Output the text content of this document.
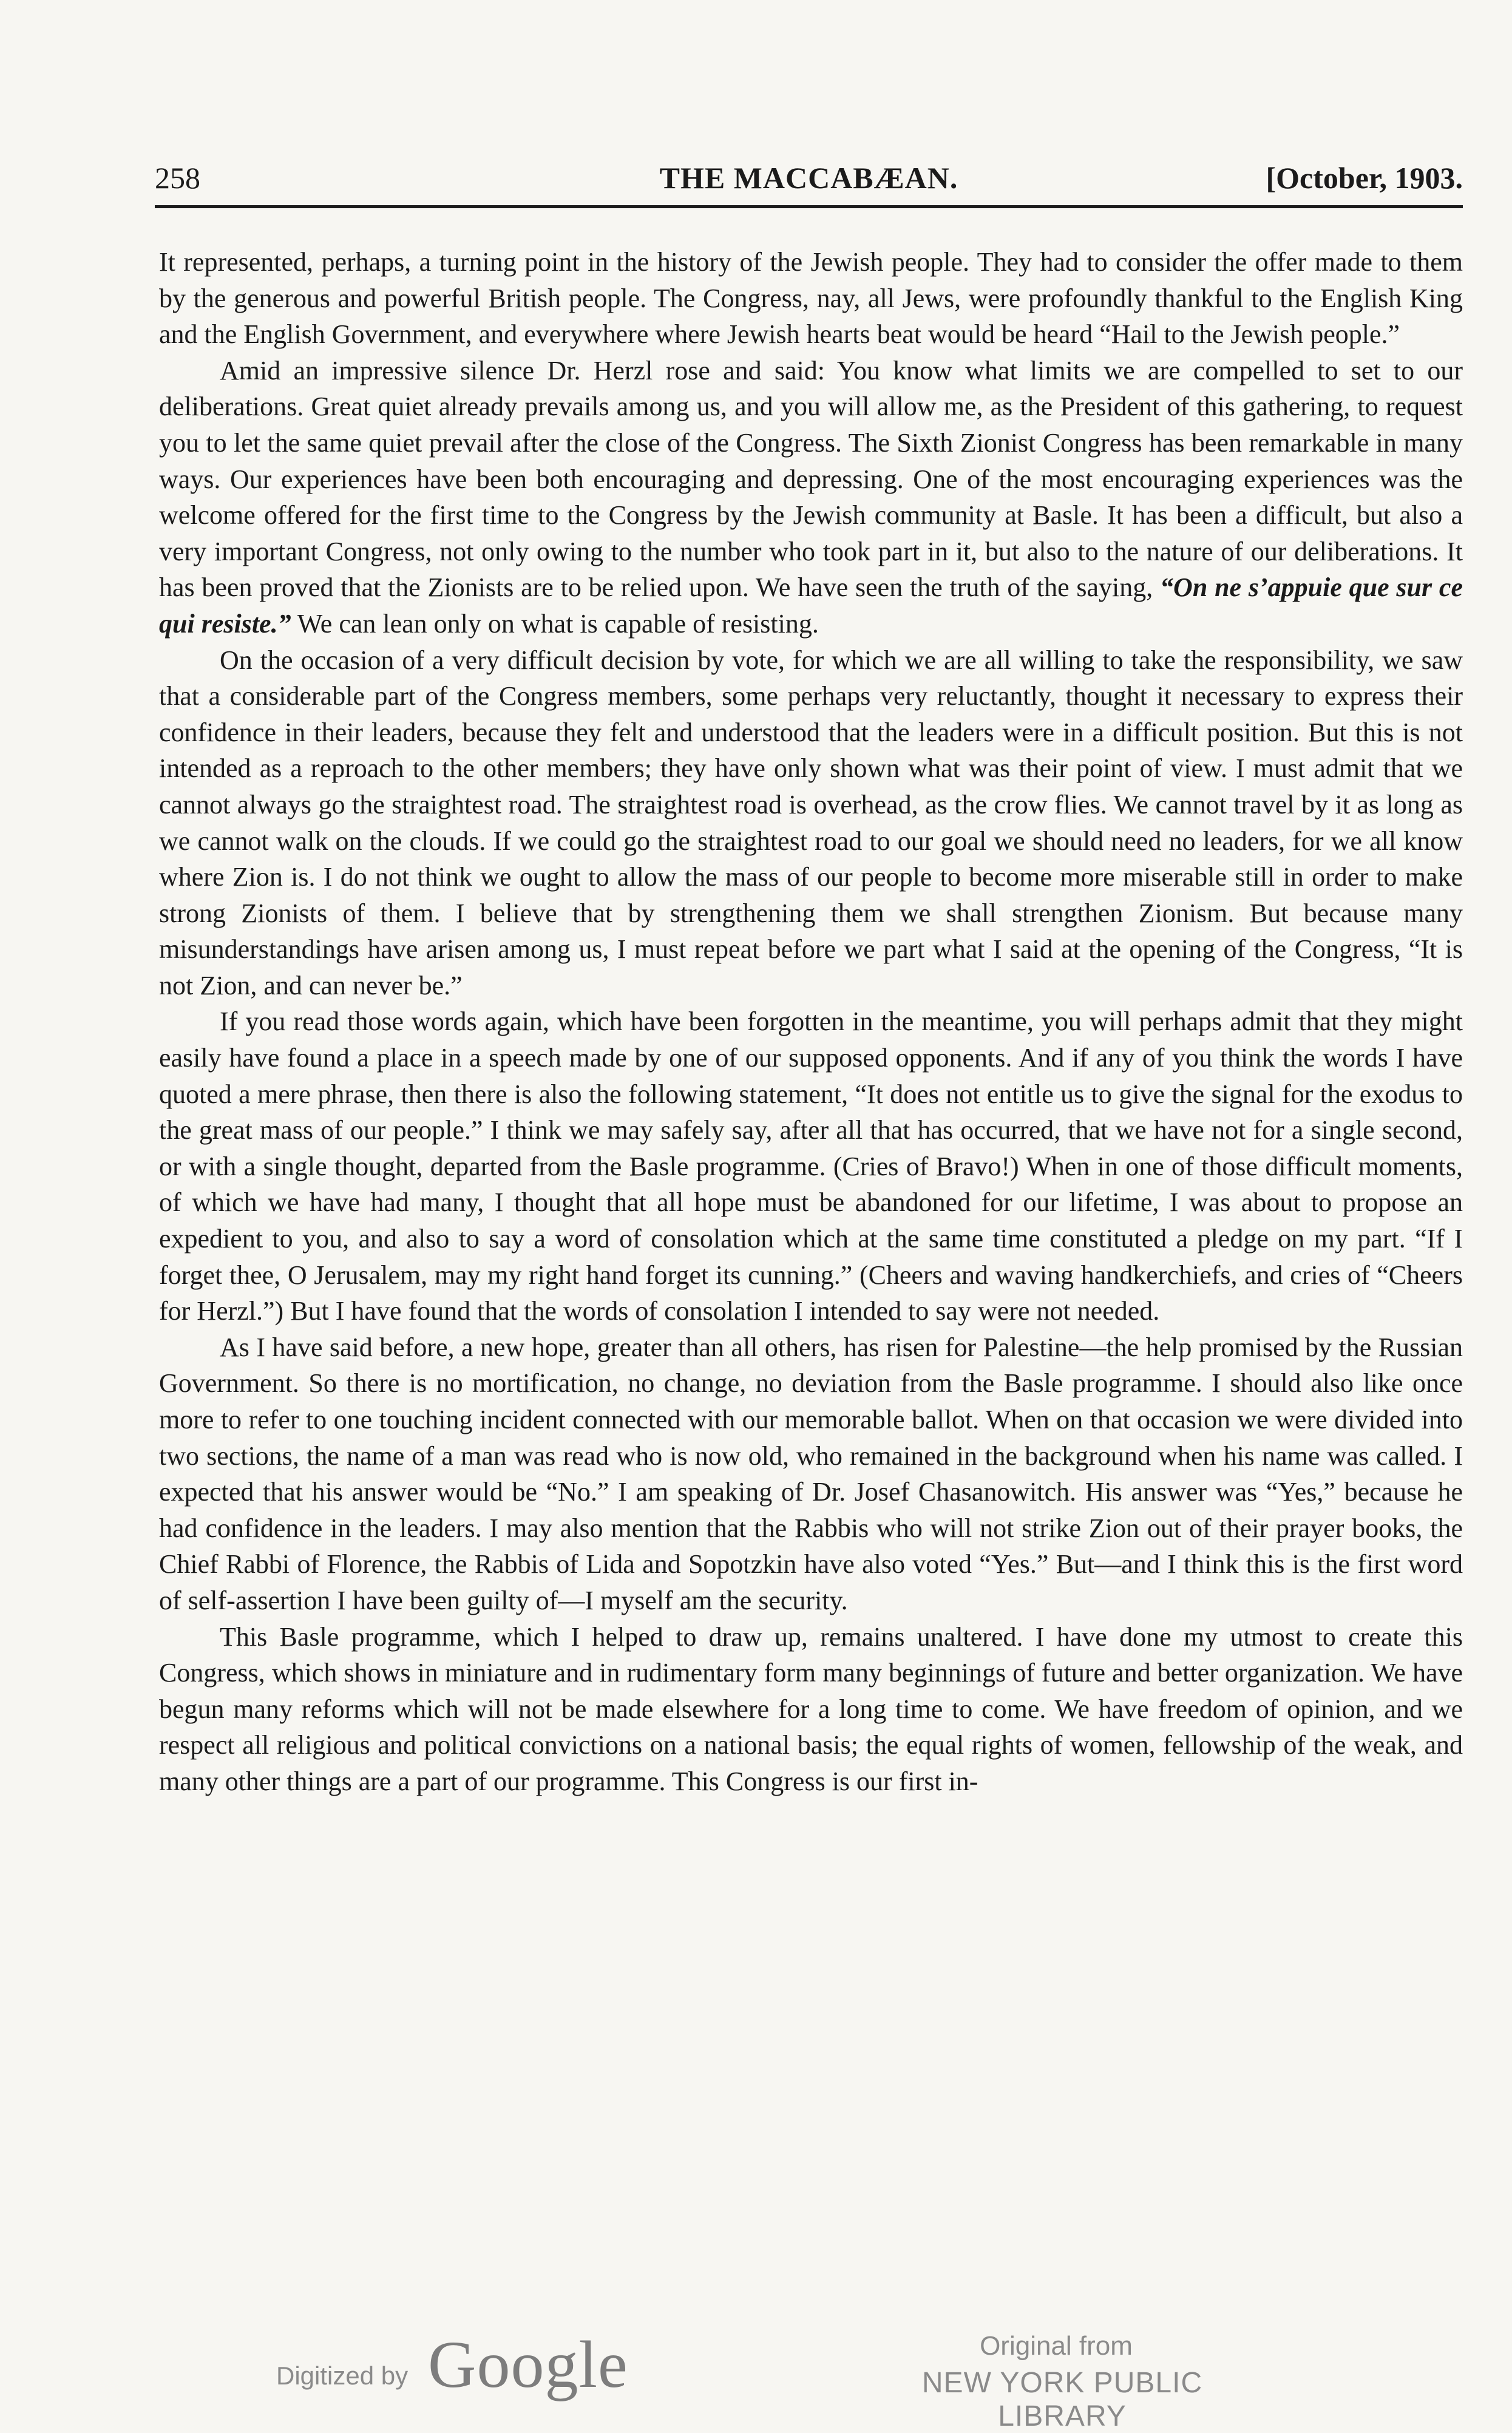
258	THE MACCABÆAN.	[October, 1903.

It represented, perhaps, a turning point in the history of the Jewish people. They had to consider the offer made to them by the generous and powerful British people. The Congress, nay, all Jews, were profoundly thankful to the English King and the English Government, and everywhere where Jewish hearts beat would be heard “Hail to the Jewish people.”

Amid an impressive silence Dr. Herzl rose and said: You know what limits we are compelled to set to our deliberations. Great quiet already prevails among us, and you will allow me, as the President of this gathering, to request you to let the same quiet prevail after the close of the Congress. The Sixth Zionist Congress has been remarkable in many ways. Our experiences have been both encouraging and depressing. One of the most encouraging experiences was the welcome offered for the first time to the Congress by the Jewish community at Basle. It has been a difficult, but also a very important Congress, not only owing to the number who took part in it, but also to the nature of our deliberations. It has been proved that the Zionists are to be relied upon. We have seen the truth of the saying, “On ne s’appuie que sur ce qui resiste.” We can lean only on what is capable of resisting.

On the occasion of a very difficult decision by vote, for which we are all willing to take the responsibility, we saw that a considerable part of the Congress members, some perhaps very reluctantly, thought it necessary to express their confidence in their leaders, because they felt and understood that the leaders were in a difficult position. But this is not intended as a reproach to the other members; they have only shown what was their point of view. I must admit that we cannot always go the straightest road. The straightest road is overhead, as the crow flies. We cannot travel by it as long as we cannot walk on the clouds. If we could go the straightest road to our goal we should need no leaders, for we all know where Zion is. I do not think we ought to allow the mass of our people to become more miserable still in order to make strong Zionists of them. I believe that by strengthening them we shall strengthen Zionism. But because many misunderstandings have arisen among us, I must repeat before we part what I said at the opening of the Congress, “It is not Zion, and can never be.”

If you read those words again, which have been forgotten in the meantime, you will perhaps admit that they might easily have found a place in a speech made by one of our supposed opponents. And if any of you think the words I have quoted a mere phrase, then there is also the following statement, “It does not entitle us to give the signal for the exodus to the great mass of our people.” I think we may safely say, after all that has occurred, that we have not for a single second, or with a single thought, departed from the Basle programme. (Cries of Bravo!) When in one of those difficult moments, of which we have had many, I thought that all hope must be abandoned for our lifetime, I was about to propose an expedient to you, and also to say a word of consolation which at the same time constituted a pledge on my part. “If I forget thee, O Jerusalem, may my right hand forget its cunning.” (Cheers and waving handkerchiefs, and cries of “Cheers for Herzl.”) But I have found that the words of consolation I intended to say were not needed.

As I have said before, a new hope, greater than all others, has risen for Palestine—the help promised by the Russian Government. So there is no mortification, no change, no deviation from the Basle programme. I should also like once more to refer to one touching incident connected with our memorable ballot. When on that occasion we were divided into two sections, the name of a man was read who is now old, who remained in the background when his name was called. I expected that his answer would be “No.” I am speaking of Dr. Josef Chasanowitch. His answer was “Yes,” because he had confidence in the leaders. I may also mention that the Rabbis who will not strike Zion out of their prayer books, the Chief Rabbi of Florence, the Rabbis of Lida and Sopotzkin have also voted “Yes.” But—and I think this is the first word of self-assertion I have been guilty of—I myself am the security.

This Basle programme, which I helped to draw up, remains unaltered. I have done my utmost to create this Congress, which shows in miniature and in rudimentary form many beginnings of future and better organization. We have begun many reforms which will not be made elsewhere for a long time to come. We have freedom of opinion, and we respect all religious and political convictions on a national basis; the equal rights of women, fellowship of the weak, and many other things are a part of our programme. This Congress is our first in-

Digitized by Google	Original from
NEW YORK PUBLIC LIBRARY
